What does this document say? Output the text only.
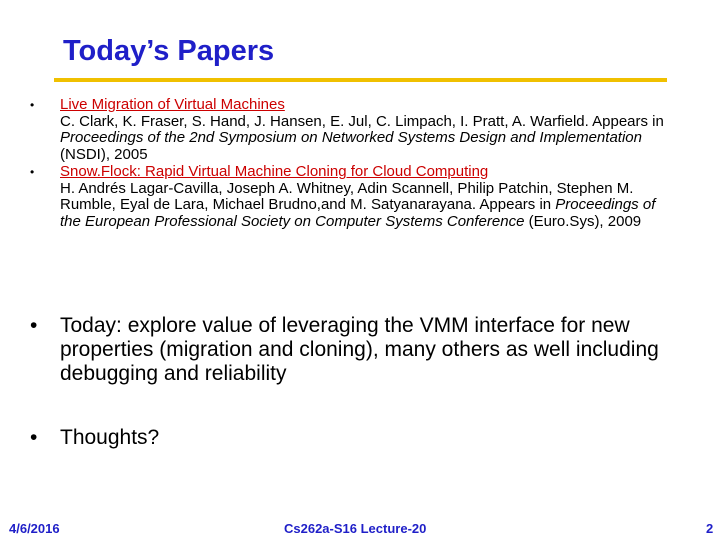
Today’s Papers
• Live Migration of Virtual Machines
C. Clark, K. Fraser, S. Hand, J. Hansen, E. Jul, C. Limpach, I. Pratt, A. Warfield. Appears in Proceedings of the 2nd Symposium on Networked Systems Design and Implementation (NSDI), 2005
• Snow.Flock: Rapid Virtual Machine Cloning for Cloud Computing
H. Andrés Lagar-Cavilla, Joseph A. Whitney, Adin Scannell, Philip Patchin, Stephen M. Rumble, Eyal de Lara, Michael Brudno,and M. Satyanarayana. Appears in Proceedings of the European Professional Society on Computer Systems Conference (Euro.Sys), 2009
• Today: explore value of leveraging the VMM interface for new properties (migration and cloning), many others as well including debugging and reliability
• Thoughts?
4/6/2016	Cs262a-S16 Lecture-20	2
